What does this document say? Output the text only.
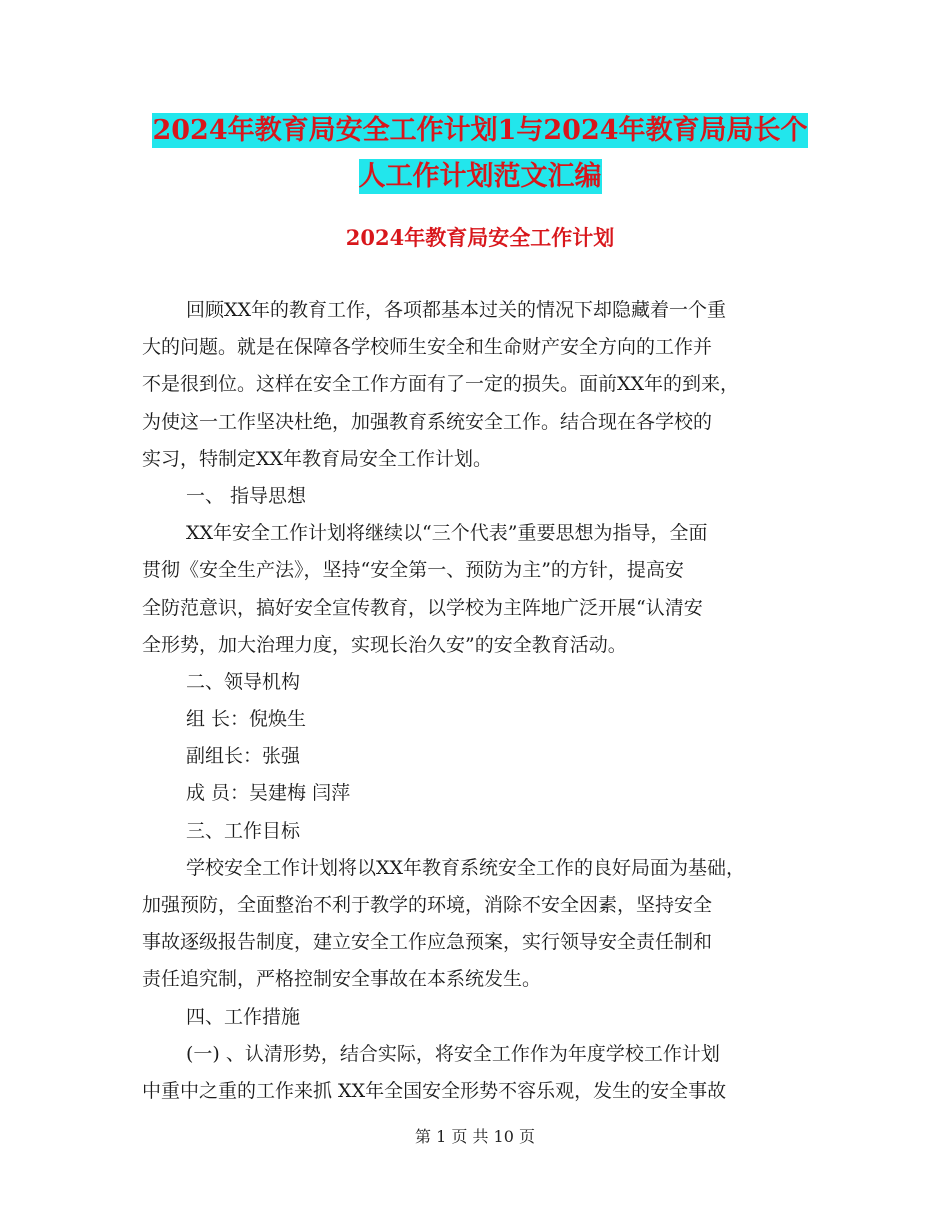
2024年教育局安全工作计划1与2024年教育局局长个
人工作计划范文汇编
2024年教育局安全工作计划
回顾XX年的教育工作，各项都基本过关的情况下却隐藏着一个重
大的问题。就是在保障各学校师生安全和生命财产安全方向的工作并
不是很到位。这样在安全工作方面有了一定的损失。面前XX年的到来，
为使这一工作坚决杜绝，加强教育系统安全工作。结合现在各学校的
实习，特制定XX年教育局安全工作计划。
一、 指导思想
XX年安全工作计划将继续以“三个代表”重要思想为指导，全面
贯彻《安全生产法》，坚持“安全第一、预防为主”的方针，提高安
全防范意识，搞好安全宣传教育，以学校为主阵地广泛开展“认清安
全形势，加大治理力度，实现长治久安”的安全教育活动。
二、领导机构
组 长：倪焕生
副组长：张强
成 员：吴建梅 闫萍
三、工作目标
学校安全工作计划将以XX年教育系统安全工作的良好局面为基础，
加强预防，全面整治不利于教学的环境，消除不安全因素，坚持安全
事故逐级报告制度，建立安全工作应急预案，实行领导安全责任制和
责任追究制，严格控制安全事故在本系统发生。
四、工作措施
(一) 、认清形势，结合实际，将安全工作作为年度学校工作计划
中重中之重的工作来抓 XX年全国安全形势不容乐观，发生的安全事故
第 1 页 共 10 页
